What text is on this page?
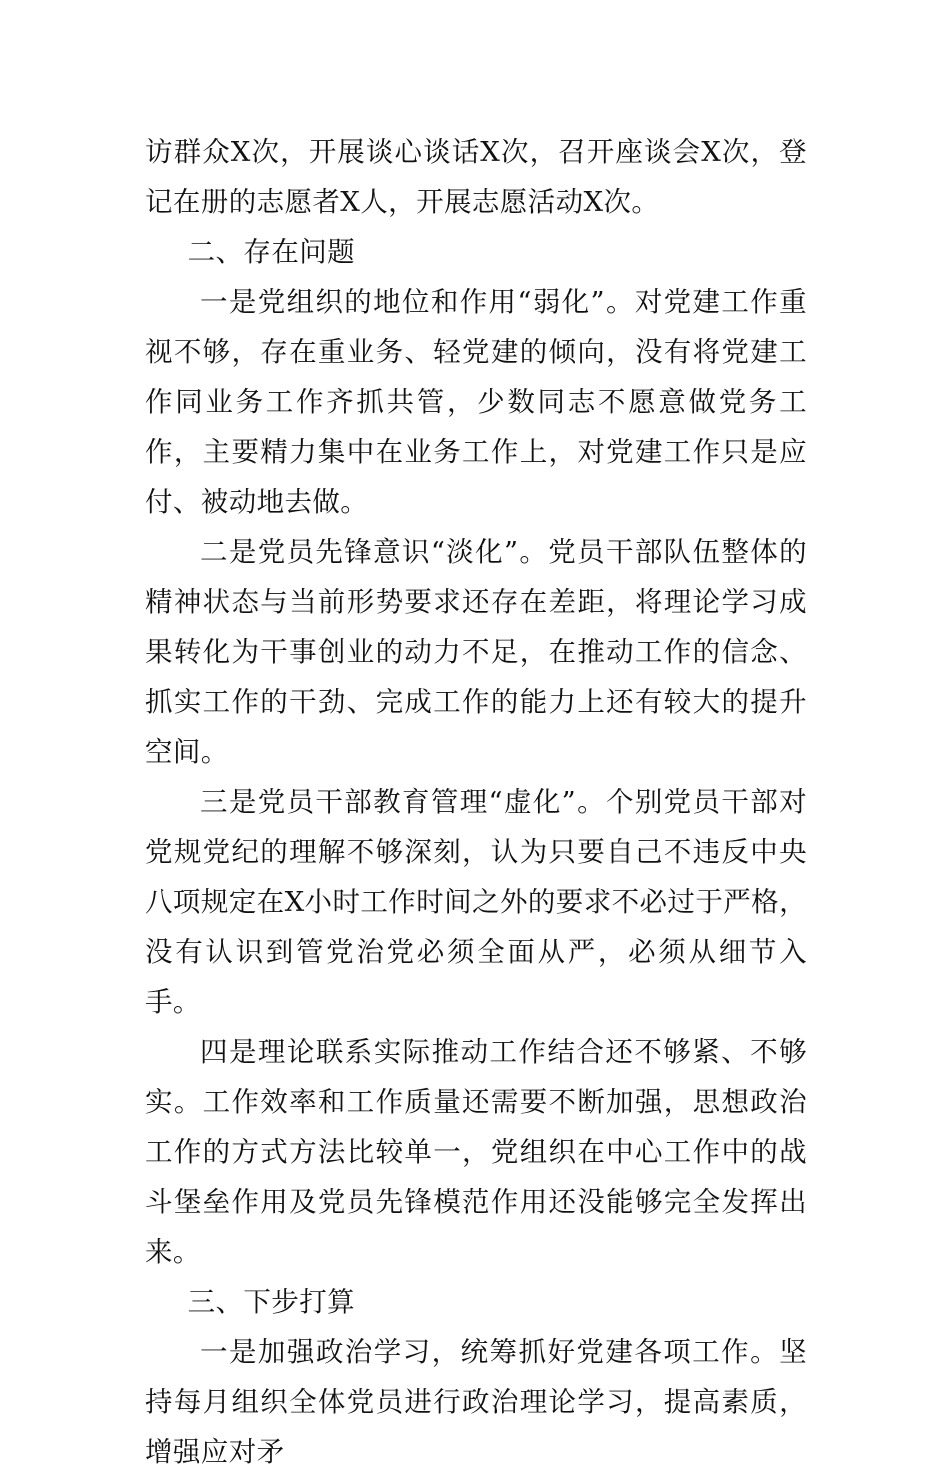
访群众X次，开展谈心谈话X次，召开座谈会X次，登记在册的志愿者X人，开展志愿活动X次。

二、存在问题

一是党组织的地位和作用“弱化”。对党建工作重视不够，存在重业务、轻党建的倾向，没有将党建工作同业务工作齐抓共管，少数同志不愿意做党务工作，主要精力集中在业务工作上，对党建工作只是应付、被动地去做。

二是党员先锋意识“淡化”。党员干部队伍整体的精神状态与当前形势要求还存在差距，将理论学习成果转化为干事创业的动力不足，在推动工作的信念、抓实工作的干劲、完成工作的能力上还有较大的提升空间。

三是党员干部教育管理“虚化”。个别党员干部对党规党纪的理解不够深刻，认为只要自己不违反中央八项规定在X小时工作时间之外的要求不必过于严格，没有认识到管党治党必须全面从严，必须从细节入手。

四是理论联系实际推动工作结合还不够紧、不够实。工作效率和工作质量还需要不断加强，思想政治工作的方式方法比较单一，党组织在中心工作中的战斗堡垒作用及党员先锋模范作用还没能够完全发挥出来。

三、下步打算

一是加强政治学习，统筹抓好党建各项工作。坚持每月组织全体党员进行政治理论学习，提高素质，增强应对矛
